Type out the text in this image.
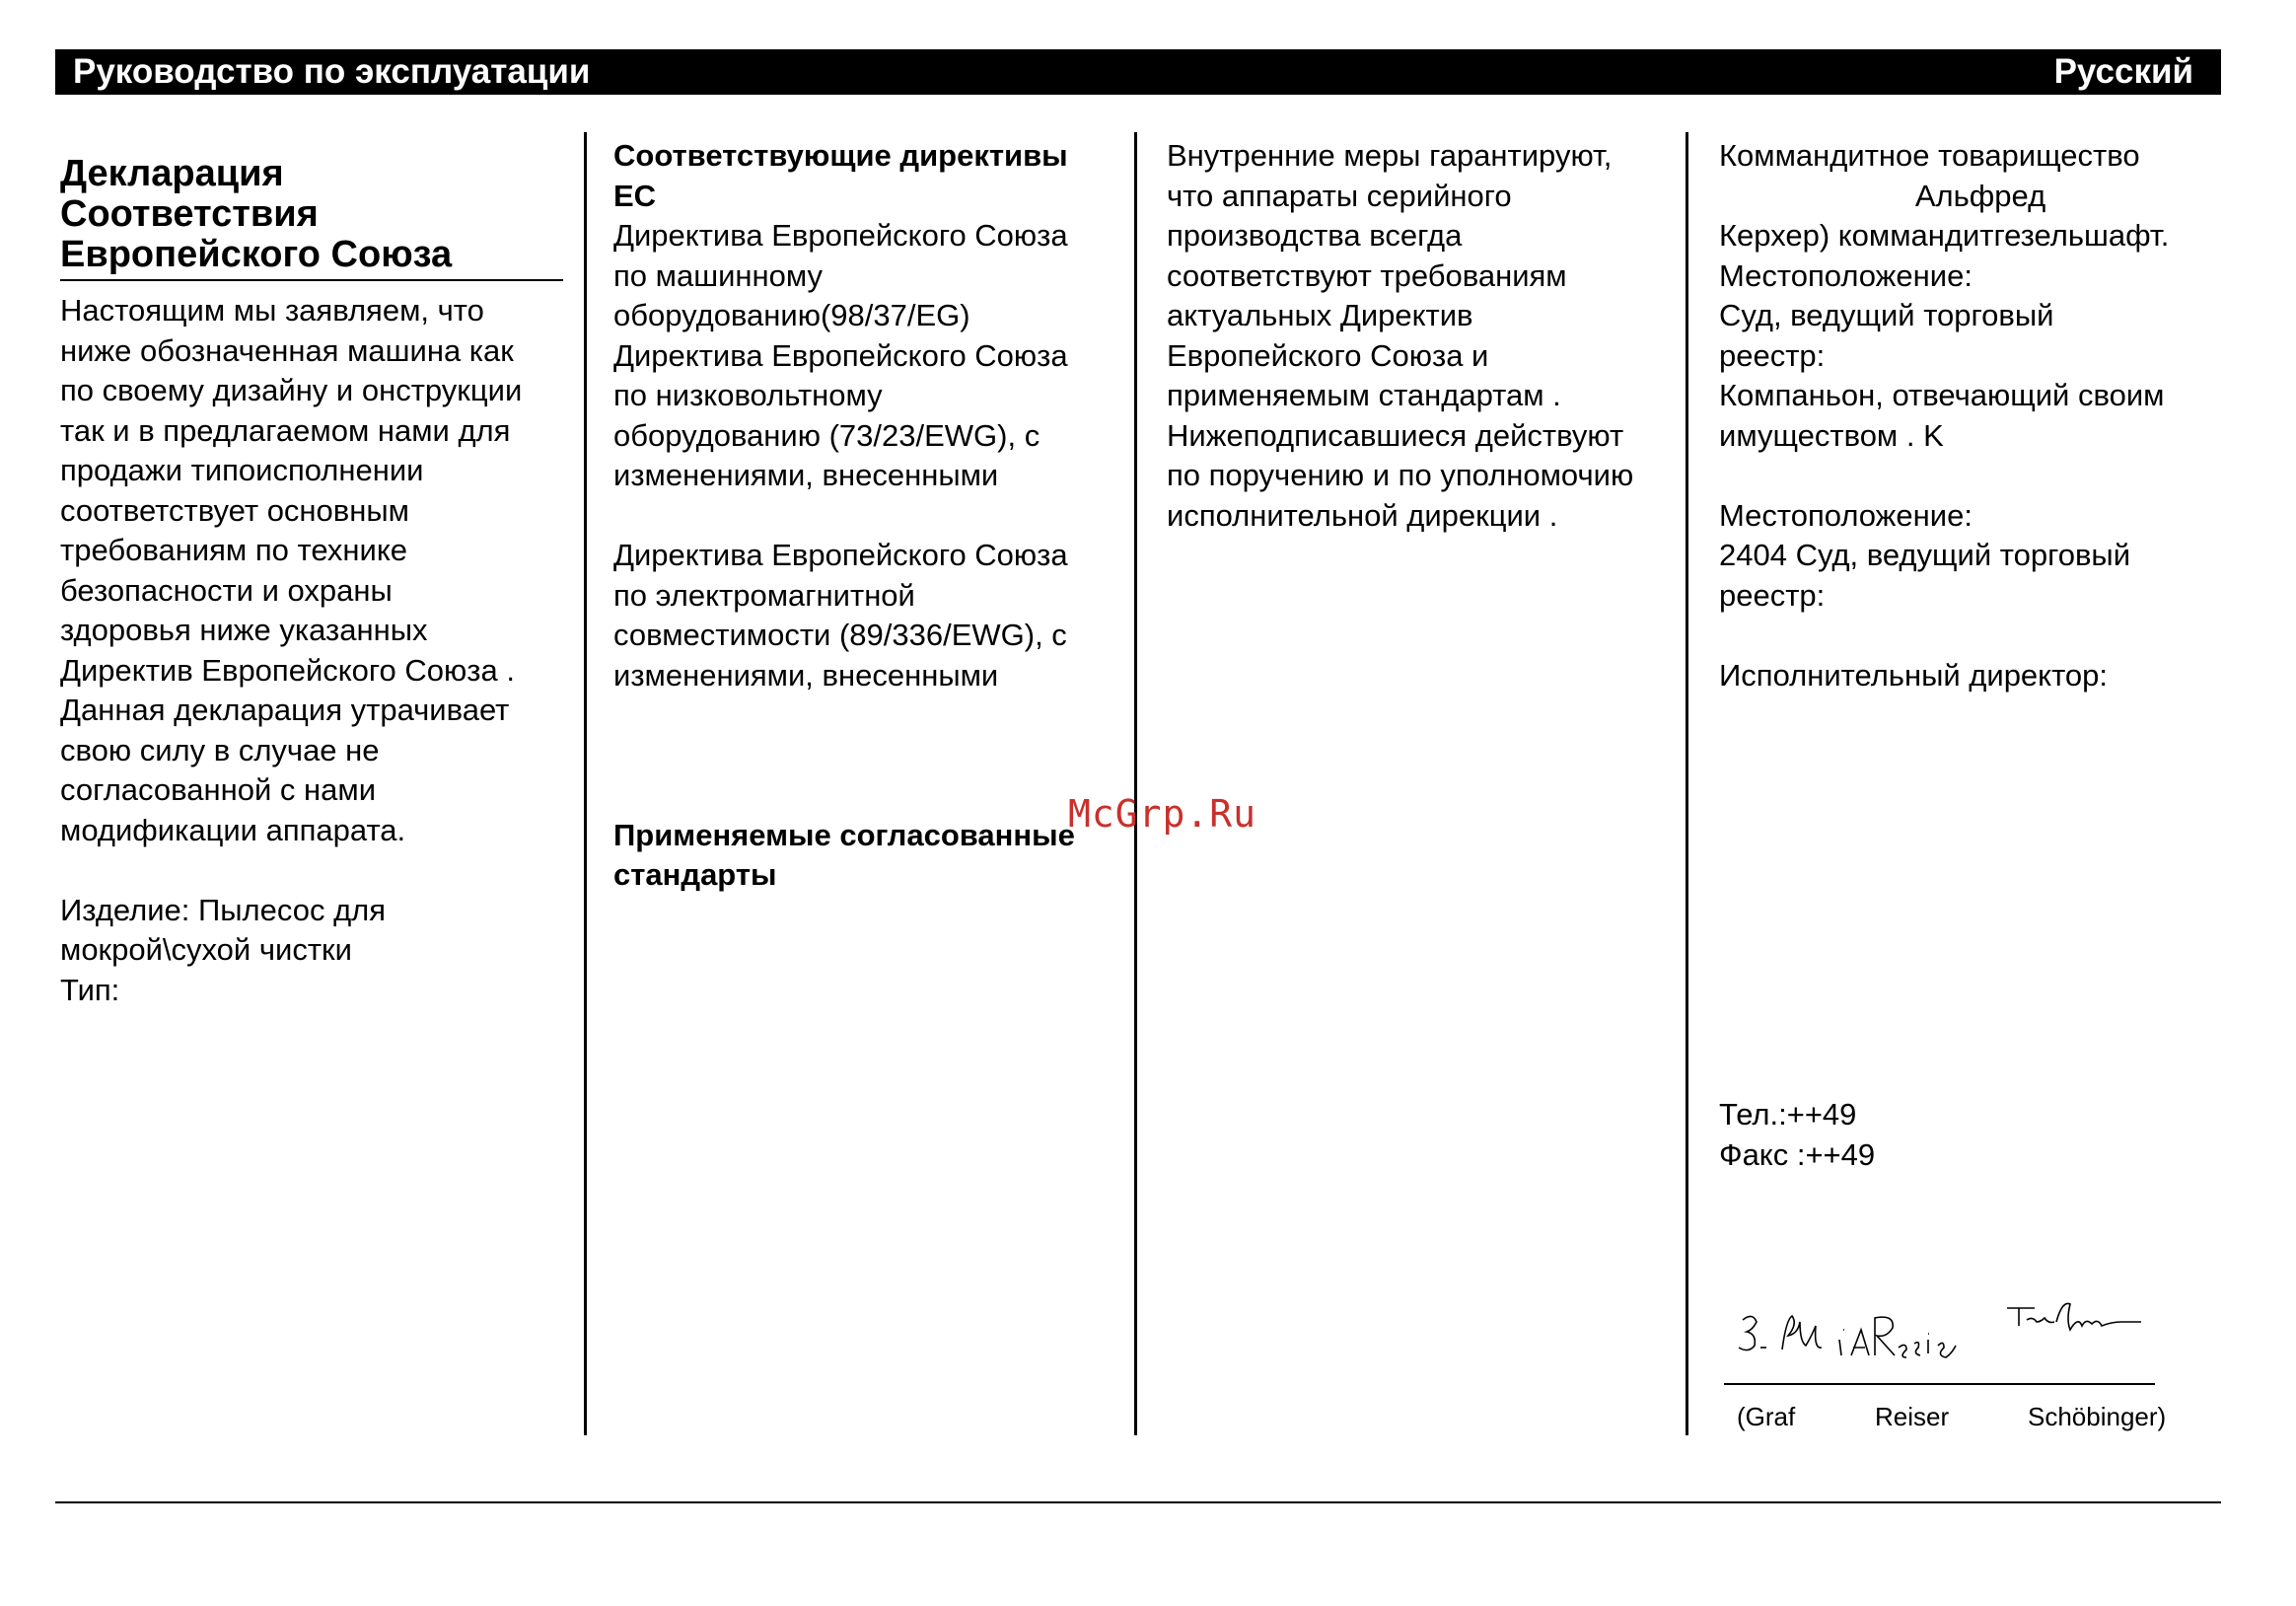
Руководство по эксплуатации	Русский
Декларация
Соответствия
Европейского Союза

Настоящим мы заявляем, что

ниже обозначенная машина как

по своему дизайну и онструкции

так и в предлагаемом нами для

продажи типоисполнении

соответствует основным

требованиям по технике

безопасности и охраны

здоровья ниже указанных

Директив Европейского Союза .

Данная декларация утрачивает

свою силу в случае не

согласованной с нами

модификации аппарата.

Изделие: Пылесос для

мокрой\сухой чистки

Тип:

Соответствующие директивы

ЕС

Директива Европейского Союза

по машинному

оборудованию(98/37/EG)

Директива Европейского Союза

по низковольтному

оборудованию (73/23/EWG), с

изменениями, внесенными

Директива Европейского Союза

по электромагнитной

совместимости (89/336/EWG), с

изменениями, внесенными

Применяемые согласованные

стандарты

Внутренние меры гарантируют,

что аппараты серийного

производства всегда

соответствуют требованиям

актуальных Директив

Европейского Союза и

применяемым стандартам .

Нижеподписавшиеся действуют

по поручению и по уполномочию

исполнительной дирекции .

Коммандитное товарищество

Альфред

Керхер) коммандитгезельшафт.

Местоположение:

Суд, ведущий торговый

реестр:

Компаньон, отвечающий своим

имуществом . K

Местоположение:

2404 Суд, ведущий торговый

реестр:

Исполнительный директор:

Тел.:++49

Факс :++49

(Graf	Reiser	Schöbinger)
McGrp.Ru
